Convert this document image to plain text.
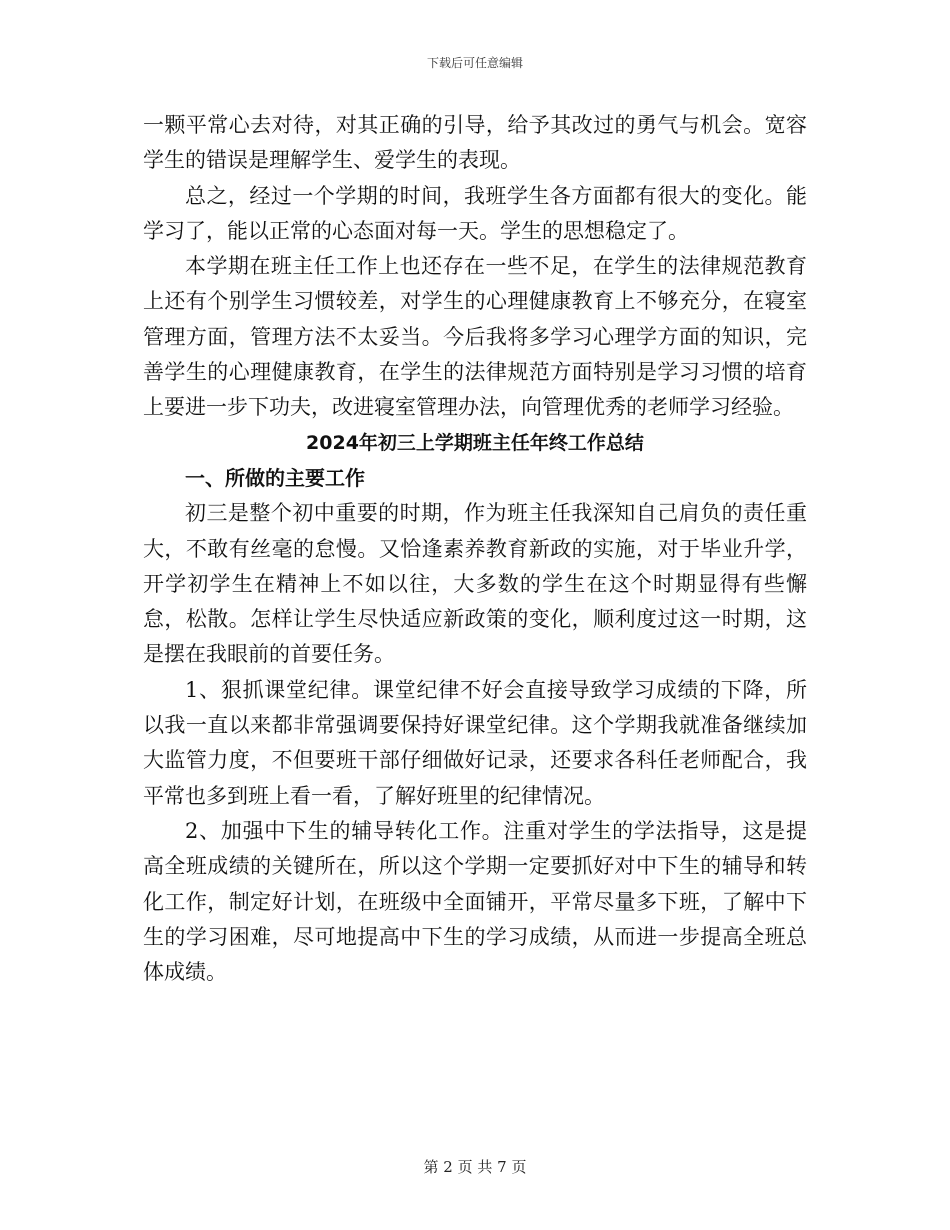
下载后可任意编辑

一颗平常心去对待，对其正确的引导，给予其改过的勇气与机会。宽容学生的错误是理解学生、爱学生的表现。

总之，经过一个学期的时间，我班学生各方面都有很大的变化。能学习了，能以正常的心态面对每一天。学生的思想稳定了。

本学期在班主任工作上也还存在一些不足，在学生的法律规范教育上还有个别学生习惯较差，对学生的心理健康教育上不够充分，在寝室管理方面，管理方法不太妥当。今后我将多学习心理学方面的知识，完善学生的心理健康教育，在学生的法律规范方面特别是学习习惯的培育上要进一步下功夫，改进寝室管理办法，向管理优秀的老师学习经验。

2024年初三上学期班主任年终工作总结
一、所做的主要工作

初三是整个初中重要的时期，作为班主任我深知自己肩负的责任重大，不敢有丝毫的怠慢。又恰逢素养教育新政的实施，对于毕业升学，开学初学生在精神上不如以往，大多数的学生在这个时期显得有些懈怠，松散。怎样让学生尽快适应新政策的变化，顺利度过这一时期，这是摆在我眼前的首要任务。

1、狠抓课堂纪律。课堂纪律不好会直接导致学习成绩的下降，所以我一直以来都非常强调要保持好课堂纪律。这个学期我就准备继续加大监管力度，不但要班干部仔细做好记录，还要求各科任老师配合，我平常也多到班上看一看，了解好班里的纪律情况。

2、加强中下生的辅导转化工作。注重对学生的学法指导，这是提高全班成绩的关键所在，所以这个学期一定要抓好对中下生的辅导和转化工作，制定好计划，在班级中全面铺开，平常尽量多下班，了解中下生的学习困难，尽可地提高中下生的学习成绩，从而进一步提高全班总体成绩。

第 2 页 共 7 页
